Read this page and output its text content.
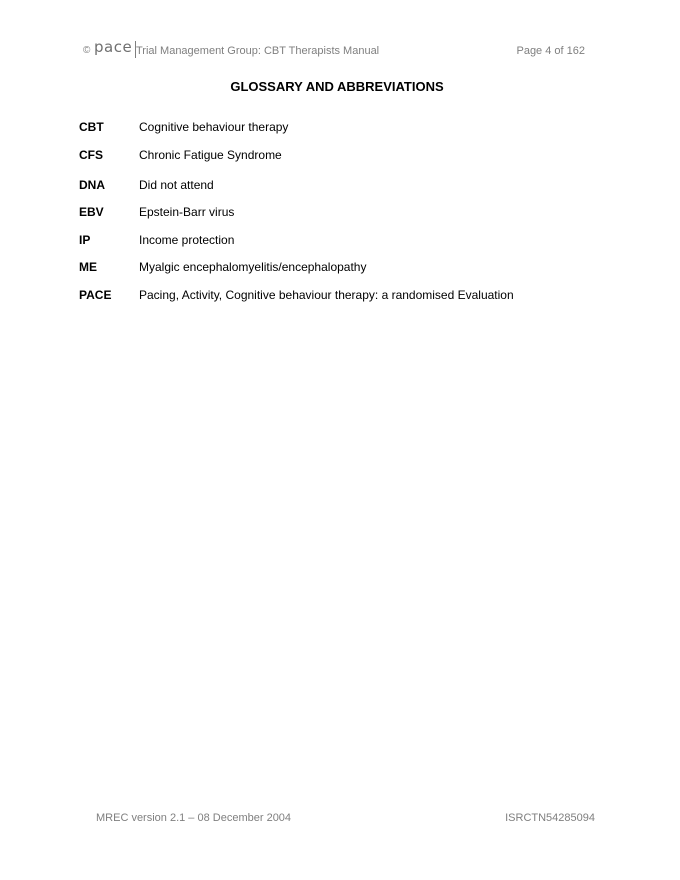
© pace Trial Management Group: CBT Therapists Manual	Page 4 of 162
GLOSSARY AND ABBREVIATIONS
CBT	Cognitive behaviour therapy
CFS	Chronic Fatigue Syndrome
DNA	Did not attend
EBV	Epstein-Barr virus
IP	Income protection
ME	Myalgic encephalomyelitis/encephalopathy
PACE Pacing, Activity, Cognitive behaviour therapy: a randomised Evaluation
MREC version 2.1 – 08 December 2004	ISRCTN54285094
